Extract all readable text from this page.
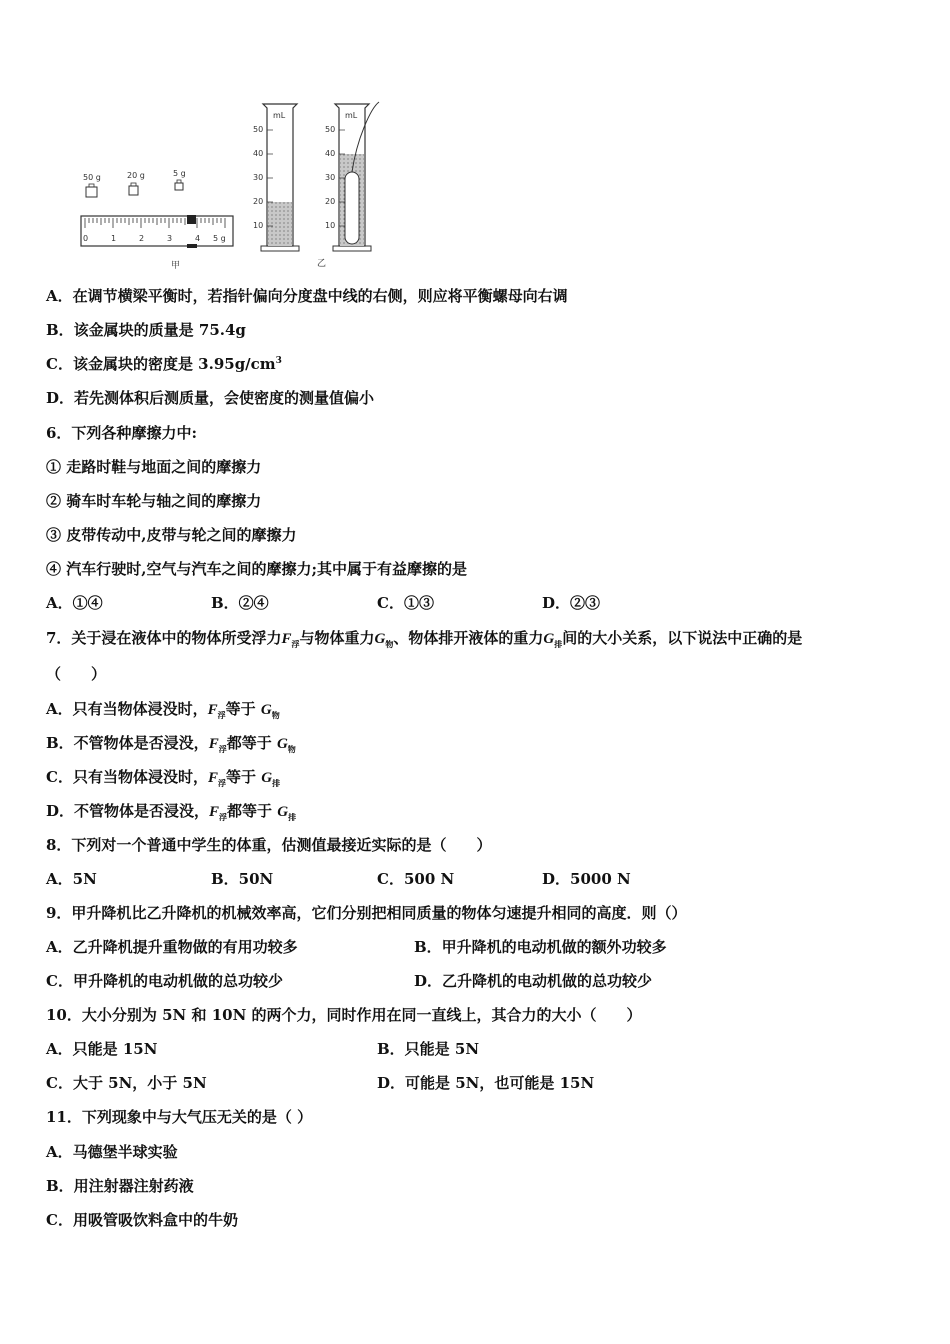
50 g	20 g	5 g
0	1	2	3	4 5 g
甲
mL
50
40
30
20
10
mL
50
40
30
20
10
乙
A．在调节横梁平衡时，若指针偏向分度盘中线的右侧，则应将平衡螺母向右调
B．该金属块的质量是 75.4g
C．该金属块的密度是 $3.95g/cm^3$
D．若先测体积后测质量，会使密度的测量值偏小
6．下列各种摩擦力中:
① 走路时鞋与地面之间的摩擦力
② 骑车时车轮与轴之间的摩擦力
③ 皮带传动中,皮带与轮之间的摩擦力
④ 汽车行驶时,空气与汽车之间的摩擦力;其中属于有益摩擦的是
A．①④	B．②④	C．①③	D．②③
7．关于浸在液体中的物体所受浮力$F_浮$与物体重力$G_物$、物体排开液体的重力$G_排$间的大小关系，以下说法中正确的是
（　　）
A．只有当物体浸没时，$F_浮$等于 $G_物$
B．不管物体是否浸没，$F_浮$都等于 $G_物$
C．只有当物体浸没时，$F_浮$等于 $G_排$
D．不管物体是否浸没，$F_浮$都等于 $G_排$
8．下列对一个普通中学生的体重，估测值最接近实际的是（　　）
A．5N	B．50N	C．500 N	D．5000 N
9．甲升降机比乙升降机的机械效率高，它们分别把相同质量的物体匀速提升相同的高度．则（）
A．乙升降机提升重物做的有用功较多	B．甲升降机的电动机做的额外功较多
C．甲升降机的电动机做的总功较少	D．乙升降机的电动机做的总功较少
10．大小分别为 5N 和 10N 的两个力，同时作用在同一直线上，其合力的大小（　　）
A．只能是 15N	B．只能是 5N
C．大于 5N，小于 5N	D．可能是 5N，也可能是 15N
11．下列现象中与大气压无关的是（ ）
A．马德堡半球实验
B．用注射器注射药液
C．用吸管吸饮料盒中的牛奶
